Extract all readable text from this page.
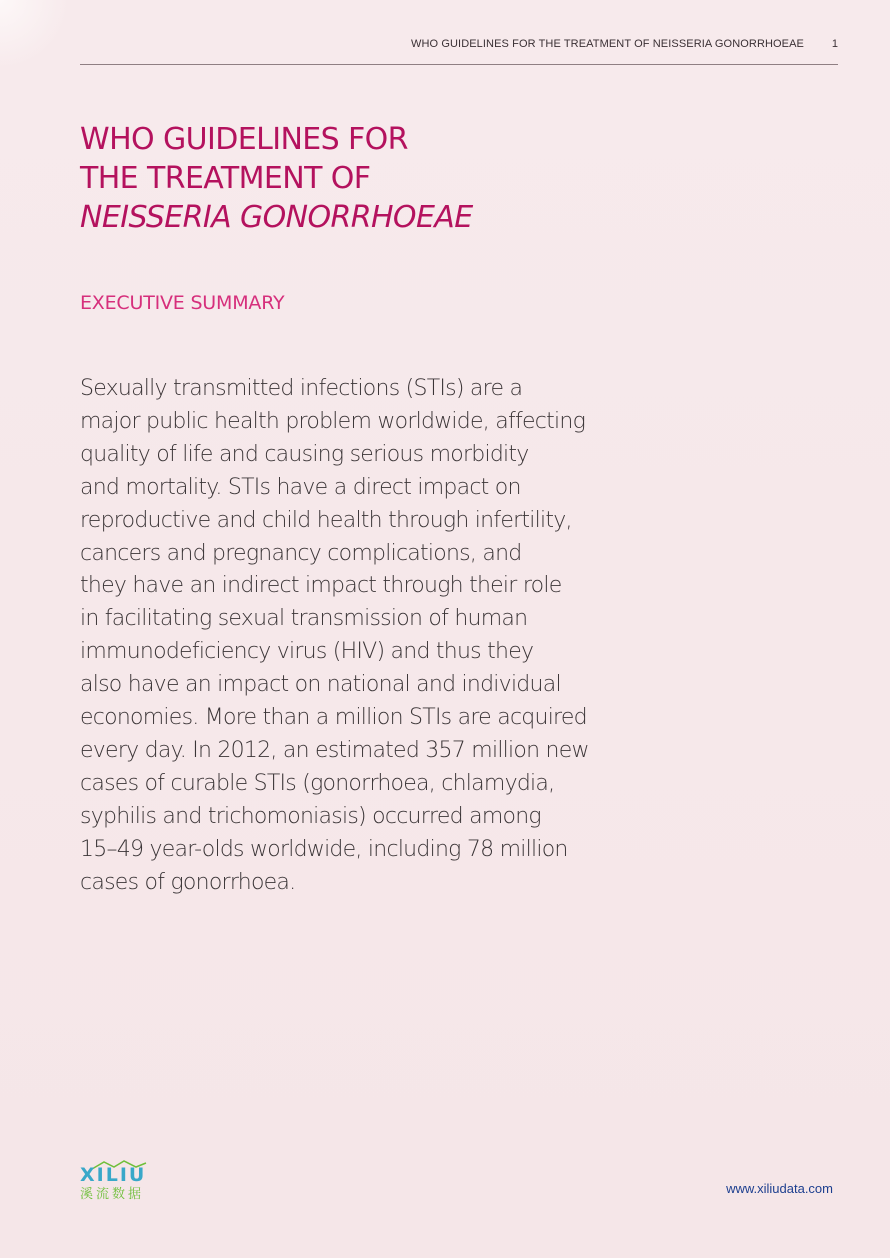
WHO GUIDELINES FOR THE TREATMENT OF NEISSERIA GONORRHOEAE	1
WHO GUIDELINES FOR
THE TREATMENT OF
NEISSERIA GONORRHOEAE
EXECUTIVE SUMMARY
Sexually transmitted infections (STIs) are a
major public health problem worldwide, affecting
quality of life and causing serious morbidity
and mortality. STIs have a direct impact on
reproductive and child health through infertility,
cancers and pregnancy complications, and
they have an indirect impact through their role
in facilitating sexual transmission of human
immunodeficiency virus (HIV) and thus they
also have an impact on national and individual
economies. More than a million STIs are acquired
every day. In 2012, an estimated 357 million new
cases of curable STIs (gonorrhoea, chlamydia,
syphilis and trichomoniasis) occurred among
15–49 year-olds worldwide, including 78 million
cases of gonorrhoea.
XILIU
溪流数据	www.xiliudata.com
